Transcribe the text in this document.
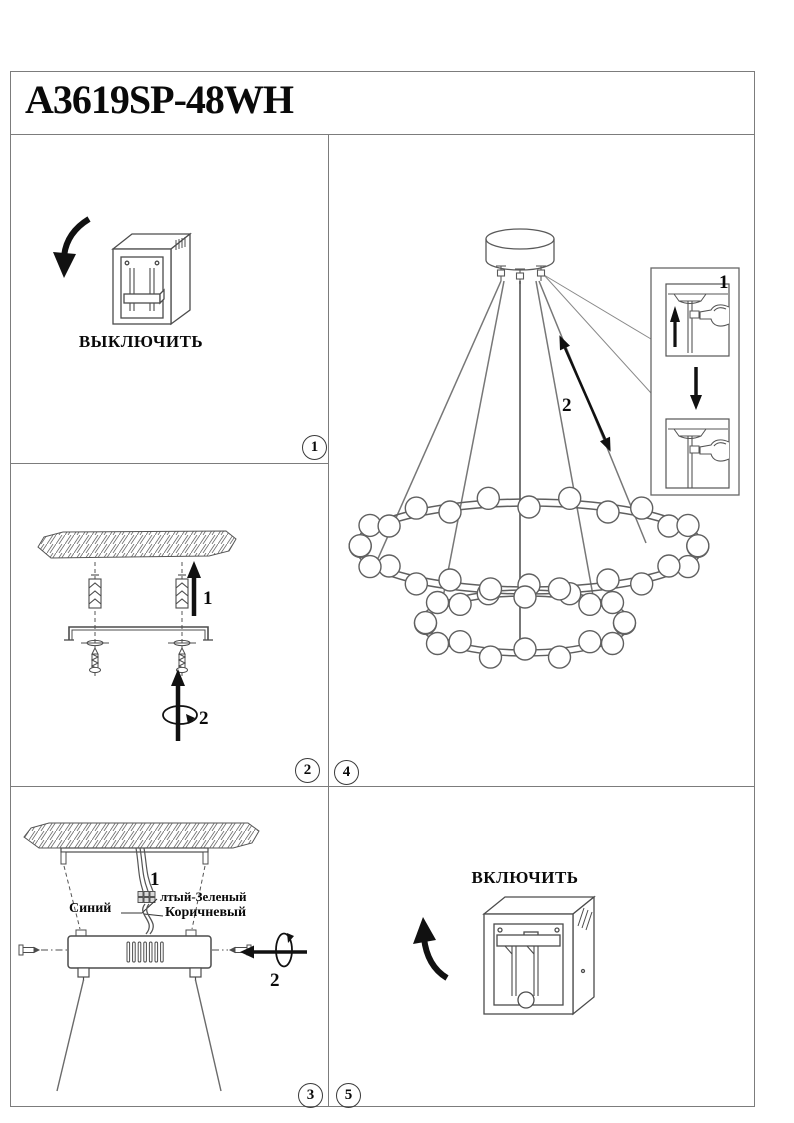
A3619SP-48WH
ВЫКЛЮЧИТЬ
1
2
1
Синий
лтый-Зеленый
Коричневый
2
2
1
ВКЛЮЧИТЬ
1
2	4
3	5
